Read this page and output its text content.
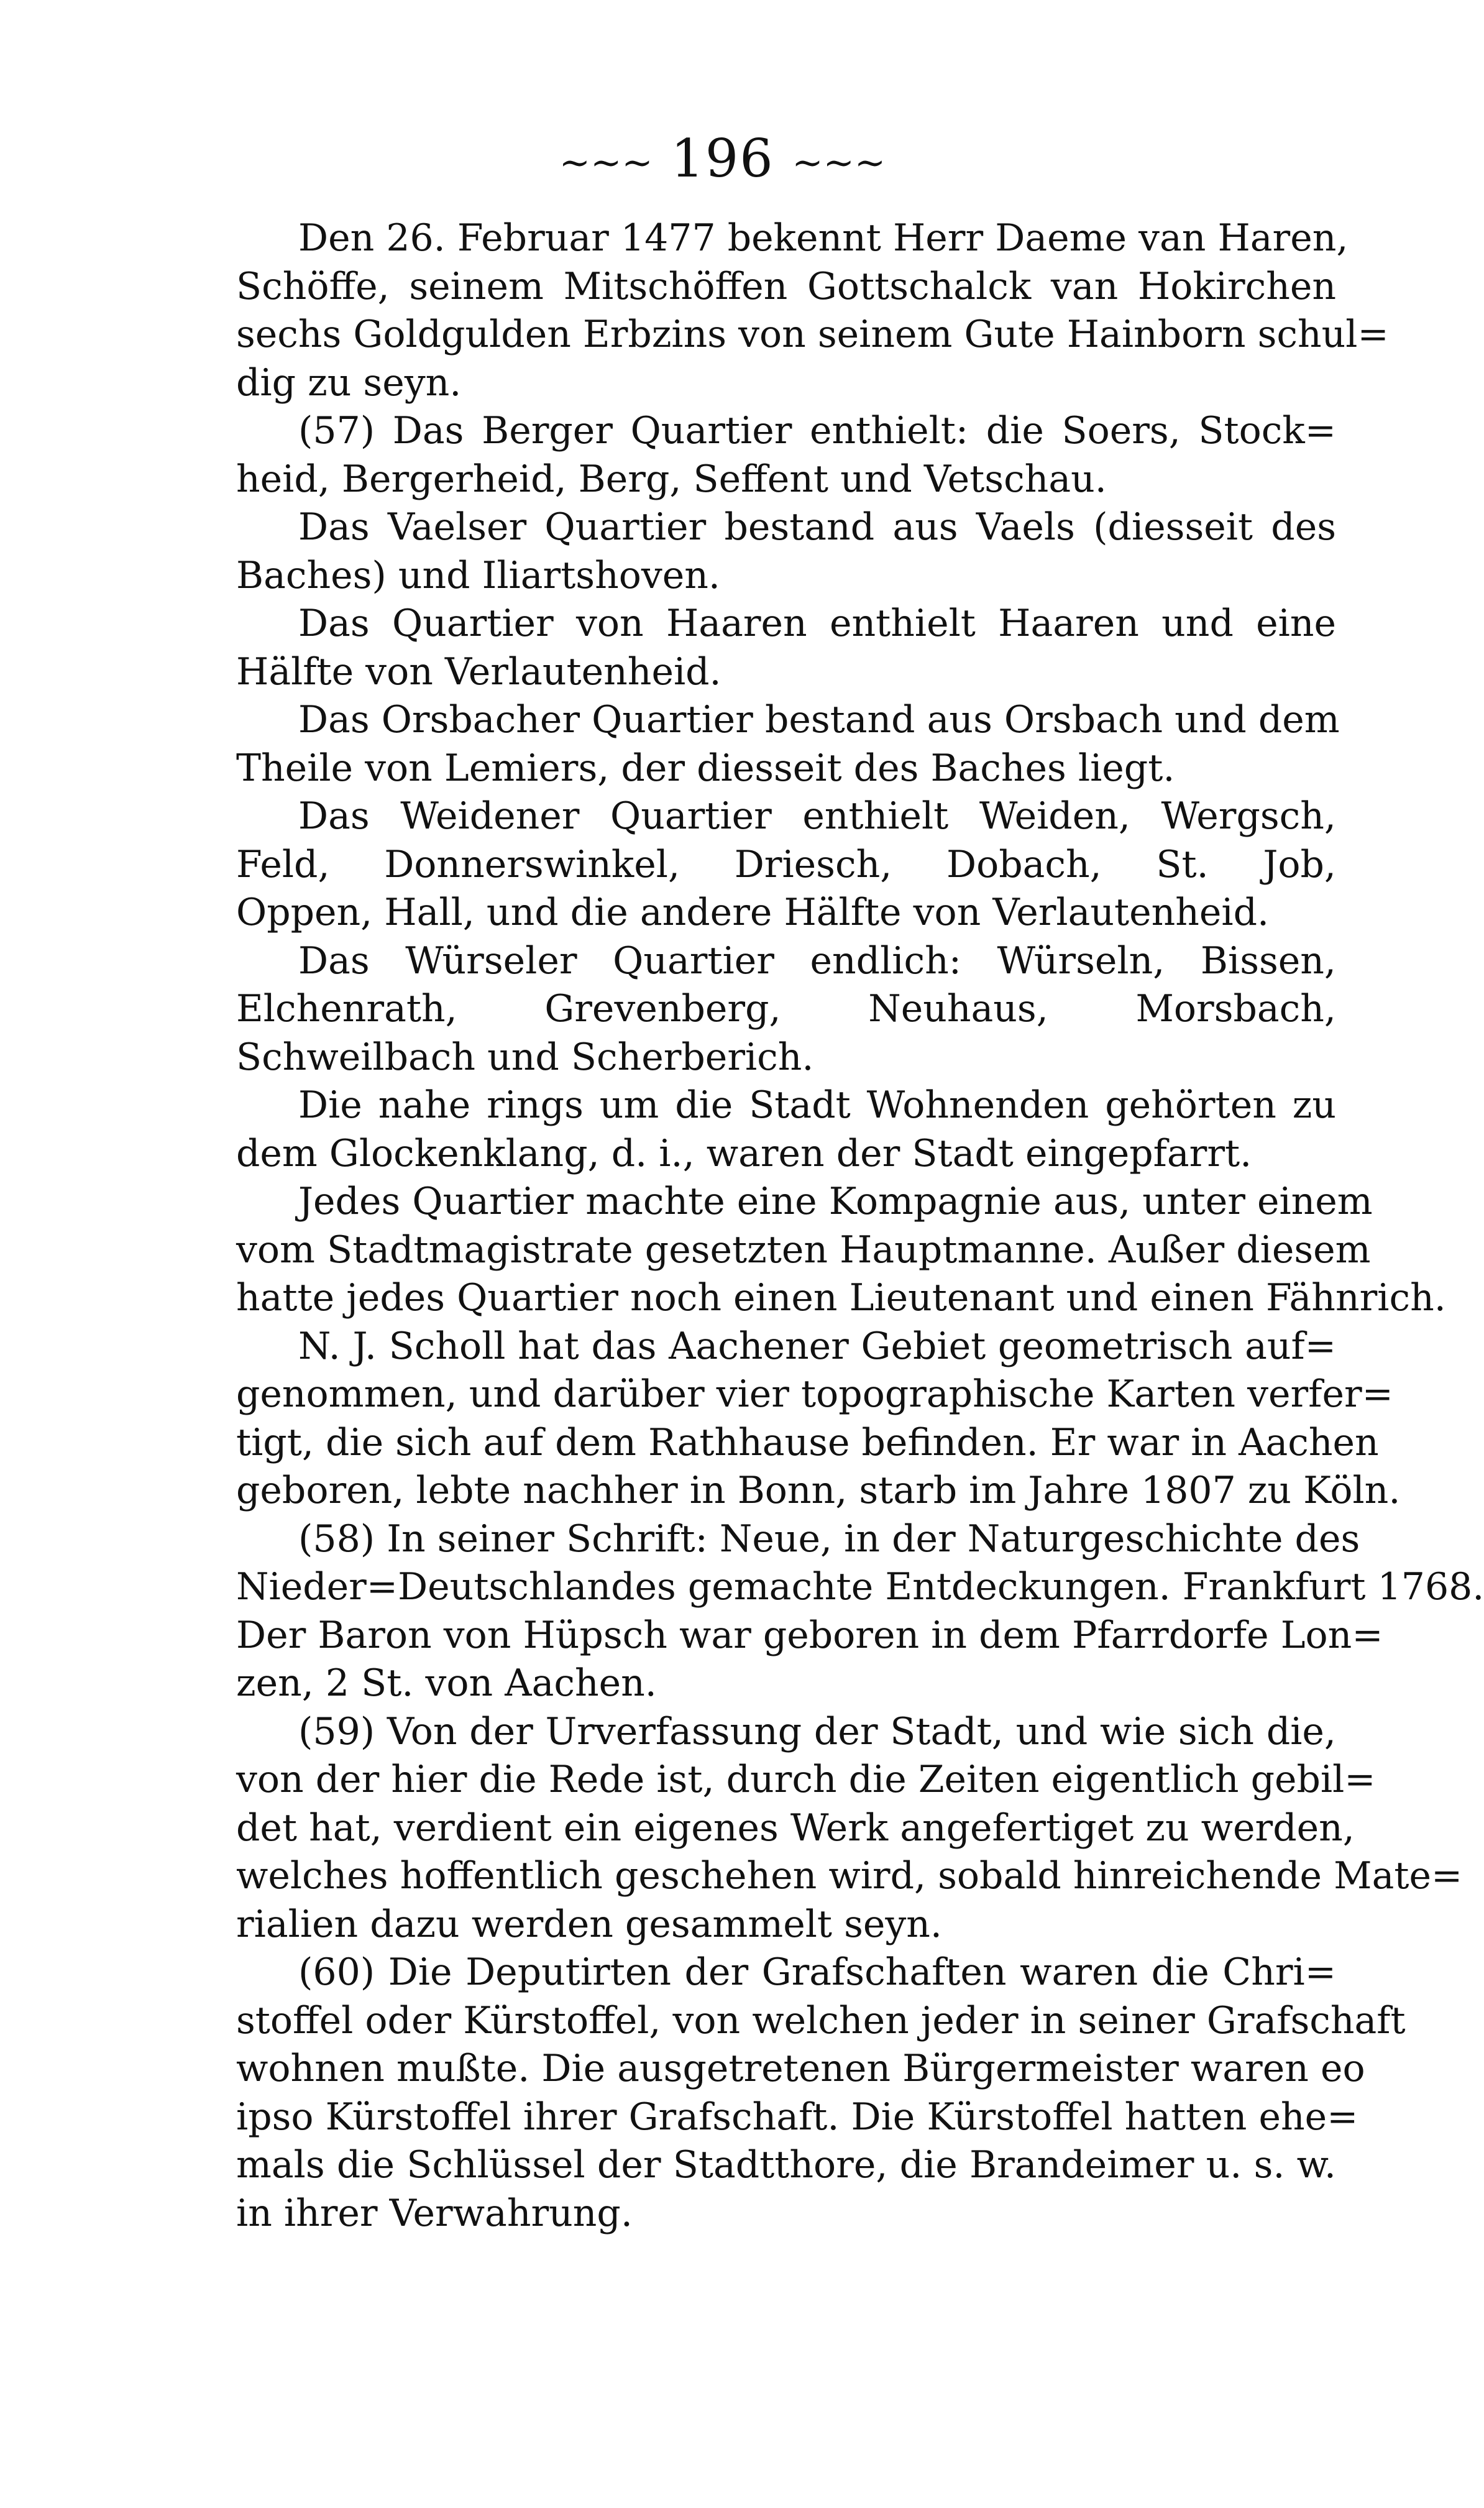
~~~ 196 ~~~
Den 26. Februar 1477 bekennt Herr Daeme van Haren,
Schöffe, seinem Mitschöffen Gottschalck van Hokirchen
sechs Goldgulden Erbzins von seinem Gute Hainborn schul=
dig zu seyn.
(57) Das Berger Quartier enthielt: die Soers, Stock=
heid, Bergerheid, Berg, Seffent und Vetschau.
Das Vaelser Quartier bestand aus Vaels (diesseit des
Baches) und Iliartshoven.
Das Quartier von Haaren enthielt Haaren und eine
Hälfte von Verlautenheid.
Das Orsbacher Quartier bestand aus Orsbach und dem
Theile von Lemiers, der diesseit des Baches liegt.
Das Weidener Quartier enthielt Weiden, Wergsch,
Feld, Donnerswinkel, Driesch, Dobach, St. Job,
Oppen, Hall, und die andere Hälfte von Verlautenheid.
Das Würseler Quartier endlich: Würseln, Bissen,
Elchenrath, Grevenberg, Neuhaus, Morsbach,
Schweilbach und Scherberich.
Die nahe rings um die Stadt Wohnenden gehörten zu
dem Glockenklang, d. i., waren der Stadt eingepfarrt.
Jedes Quartier machte eine Kompagnie aus, unter einem
vom Stadtmagistrate gesetzten Hauptmanne. Außer diesem
hatte jedes Quartier noch einen Lieutenant und einen Fähnrich.
N. J. Scholl hat das Aachener Gebiet geometrisch auf=
genommen, und darüber vier topographische Karten verfer=
tigt, die sich auf dem Rathhause befinden. Er war in Aachen
geboren, lebte nachher in Bonn, starb im Jahre 1807 zu Köln.
(58) In seiner Schrift: Neue, in der Naturgeschichte des
Nieder=Deutschlandes gemachte Entdeckungen. Frankfurt 1768.
Der Baron von Hüpsch war geboren in dem Pfarrdorfe Lon=
zen, 2 St. von Aachen.
(59) Von der Urverfassung der Stadt, und wie sich die,
von der hier die Rede ist, durch die Zeiten eigentlich gebil=
det hat, verdient ein eigenes Werk angefertiget zu werden,
welches hoffentlich geschehen wird, sobald hinreichende Mate=
rialien dazu werden gesammelt seyn.
(60) Die Deputirten der Grafschaften waren die Chri=
stoffel oder Kürstoffel, von welchen jeder in seiner Grafschaft
wohnen mußte. Die ausgetretenen Bürgermeister waren eo
ipso Kürstoffel ihrer Grafschaft. Die Kürstoffel hatten ehe=
mals die Schlüssel der Stadtthore, die Brandeimer u. s. w.
in ihrer Verwahrung.
